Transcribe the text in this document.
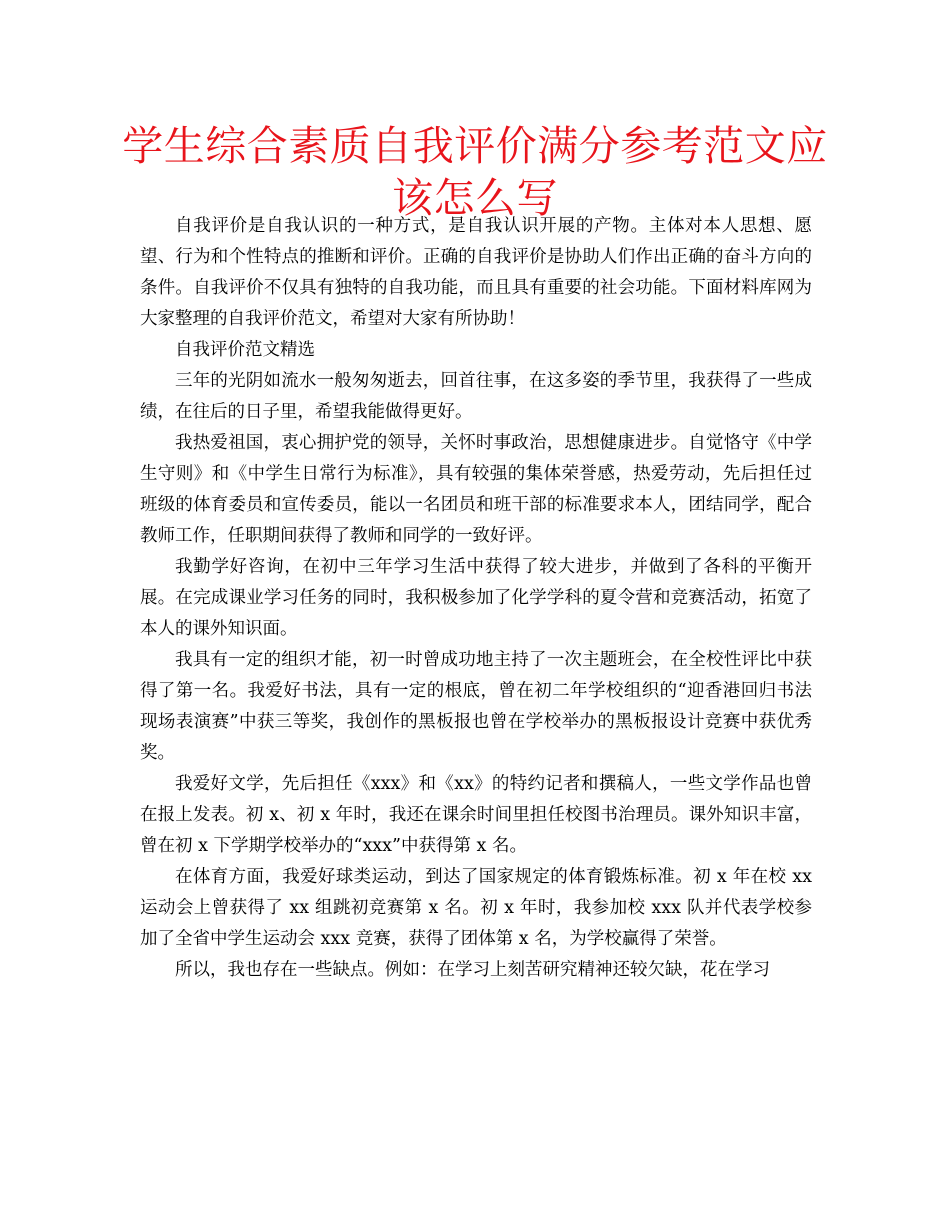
学生综合素质自我评价满分参考范文应该怎么写

自我评价是自我认识的一种方式，是自我认识开展的产物。主体对本人思想、愿望、行为和个性特点的推断和评价。正确的自我评价是协助人们作出正确的奋斗方向的条件。自我评价不仅具有独特的自我功能，而且具有重要的社会功能。下面材料库网为大家整理的自我评价范文，希望对大家有所协助！

自我评价范文精选

三年的光阴如流水一般匆匆逝去，回首往事，在这多姿的季节里，我获得了一些成绩，在往后的日子里，希望我能做得更好。

我热爱祖国，衷心拥护党的领导，关怀时事政治，思想健康进步。自觉恪守《中学生守则》和《中学生日常行为标准》，具有较强的集体荣誉感，热爱劳动，先后担任过班级的体育委员和宣传委员，能以一名团员和班干部的标准要求本人，团结同学，配合教师工作，任职期间获得了教师和同学的一致好评。

我勤学好咨询，在初中三年学习生活中获得了较大进步，并做到了各科的平衡开展。在完成课业学习任务的同时，我积极参加了化学学科的夏令营和竞赛活动，拓宽了本人的课外知识面。

我具有一定的组织才能，初一时曾成功地主持了一次主题班会，在全校性评比中获得了第一名。我爱好书法，具有一定的根底，曾在初二年学校组织的“迎香港回归书法现场表演赛”中获三等奖，我创作的黑板报也曾在学校举办的黑板报设计竞赛中获优秀奖。

我爱好文学，先后担任《xxx》和《xx》的特约记者和撰稿人，一些文学作品也曾在报上发表。初 x、初 x 年时，我还在课余时间里担任校图书治理员。课外知识丰富，曾在初 x 下学期学校举办的“xxx”中获得第 x 名。

在体育方面，我爱好球类运动，到达了国家规定的体育锻炼标准。初 x 年在校 xx 运动会上曾获得了 xx 组跳初竞赛第 x 名。初 x 年时，我参加校 xxx 队并代表学校参加了全省中学生运动会 xxx 竞赛，获得了团体第 x 名，为学校赢得了荣誉。

所以，我也存在一些缺点。例如：在学习上刻苦研究精神还较欠缺，花在学习
